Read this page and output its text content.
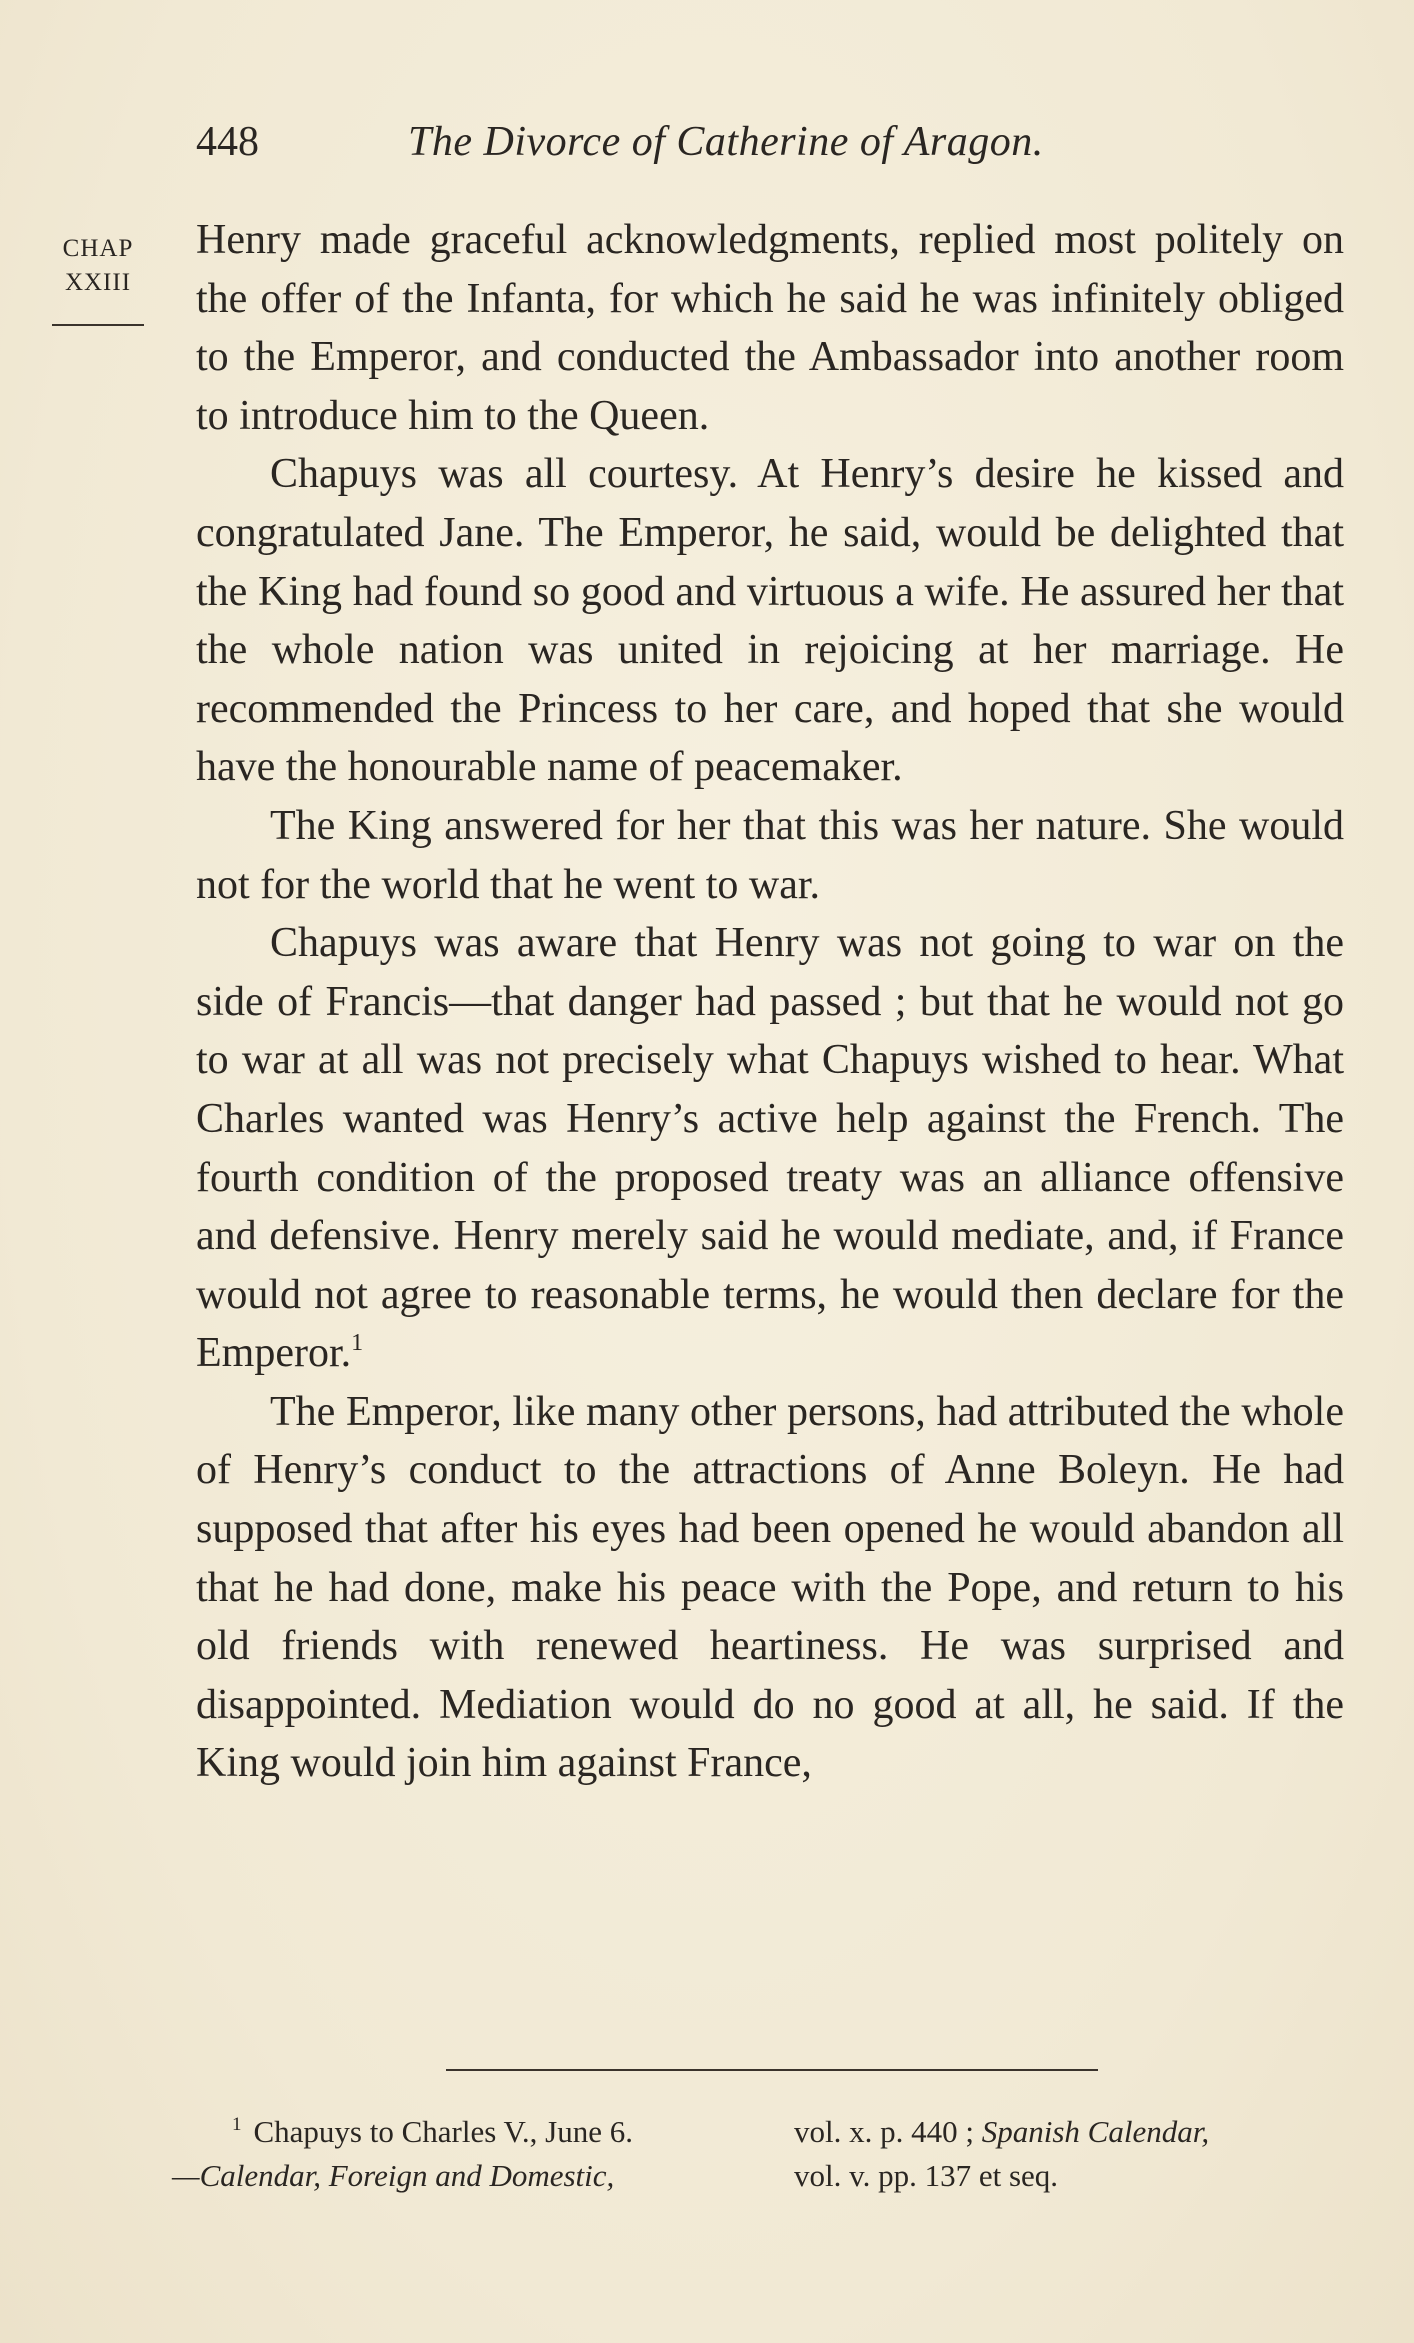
448	The Divorce of Catherine of Aragon.
CHAP
XXIII

Henry made graceful acknowledgments, replied most politely on the offer of the Infanta, for which he said he was infinitely obliged to the Emperor, and conducted the Ambassador into another room to introduce him to the Queen.

Chapuys was all courtesy. At Henry’s desire he kissed and congratulated Jane. The Emperor, he said, would be delighted that the King had found so good and virtuous a wife. He assured her that the whole nation was united in rejoicing at her marriage. He recommended the Princess to her care, and hoped that she would have the honourable name of peacemaker.

The King answered for her that this was her nature. She would not for the world that he went to war.

Chapuys was aware that Henry was not going to war on the side of Francis—that danger had passed ; but that he would not go to war at all was not precisely what Chapuys wished to hear. What Charles wanted was Henry’s active help against the French. The fourth condition of the proposed treaty was an alliance offensive and defensive. Henry merely said he would mediate, and, if France would not agree to reasonable terms, he would then declare for the Emperor.$^1$

The Emperor, like many other persons, had attributed the whole of Henry’s conduct to the attractions of Anne Boleyn. He had supposed that after his eyes had been opened he would abandon all that he had done, make his peace with the Pope, and return to his old friends with renewed heartiness. He was surprised and disappointed. Mediation would do no good at all, he said. If the King would join him against France,

$^1$ Chapuys to Charles V., June 6.
—Calendar, Foreign and Domestic,
vol. x. p. 440 ; Spanish Calendar,
vol. v. pp. 137 et seq.
